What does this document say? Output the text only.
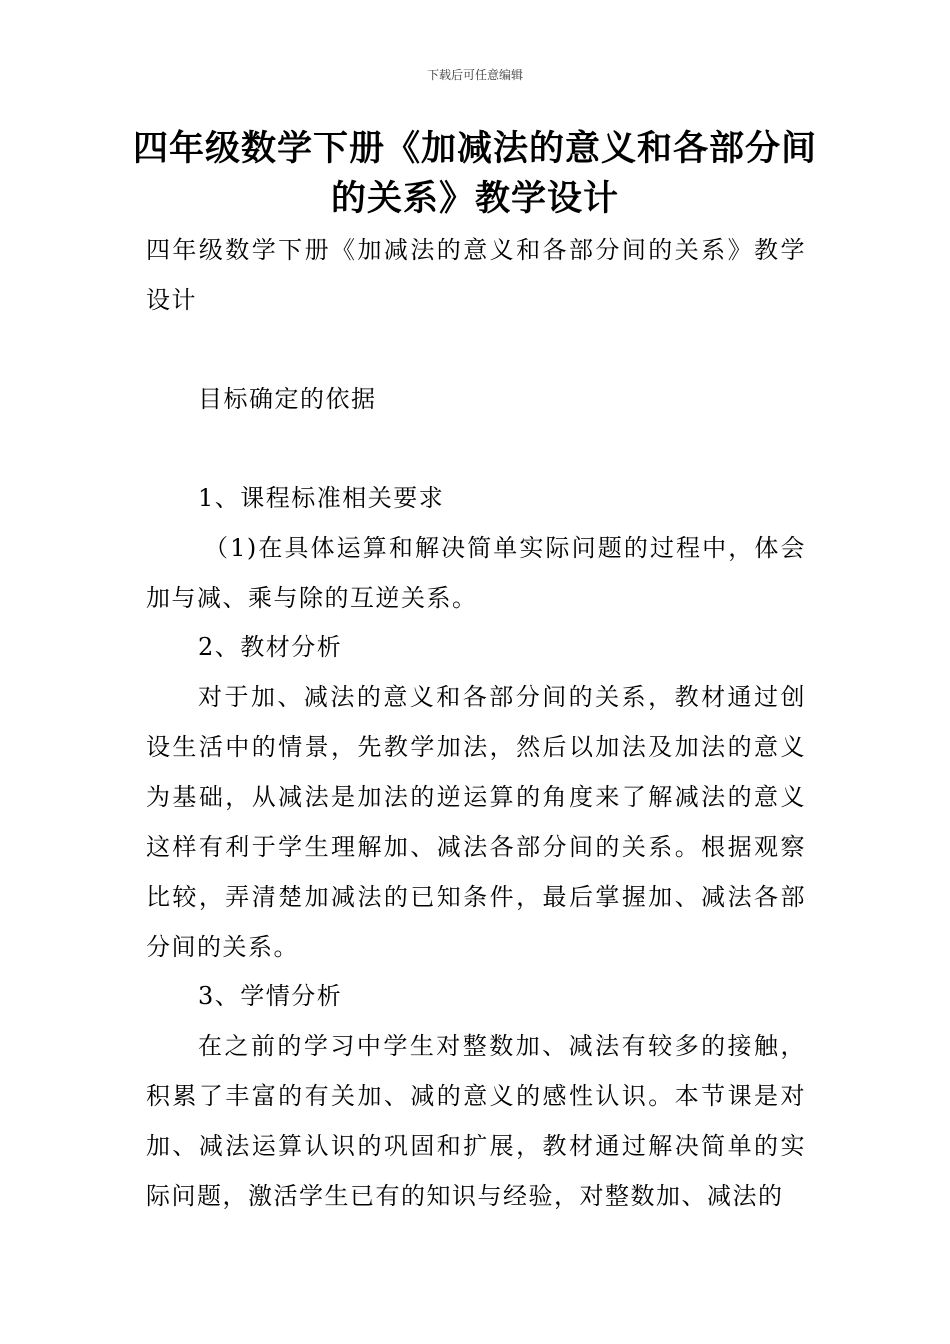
下载后可任意编辑
四年级数学下册《加减法的意义和各部分间的关系》教学设计
四年级数学下册《加减法的意义和各部分间的关系》教学设计
目标确定的依据
1、课程标准相关要求
（1)在具体运算和解决简单实际问题的过程中，体会加与减、乘与除的互逆关系。
2、教材分析
对于加、减法的意义和各部分间的关系，教材通过创设生活中的情景，先教学加法，然后以加法及加法的意义为基础，从减法是加法的逆运算的角度来了解减法的意义这样有利于学生理解加、减法各部分间的关系。根据观察比较，弄清楚加减法的已知条件，最后掌握加、减法各部分间的关系。
3、学情分析
在之前的学习中学生对整数加、减法有较多的接触，积累了丰富的有关加、减的意义的感性认识。本节课是对加、减法运算认识的巩固和扩展，教材通过解决简单的实际问题，激活学生已有的知识与经验，对整数加、减法的
